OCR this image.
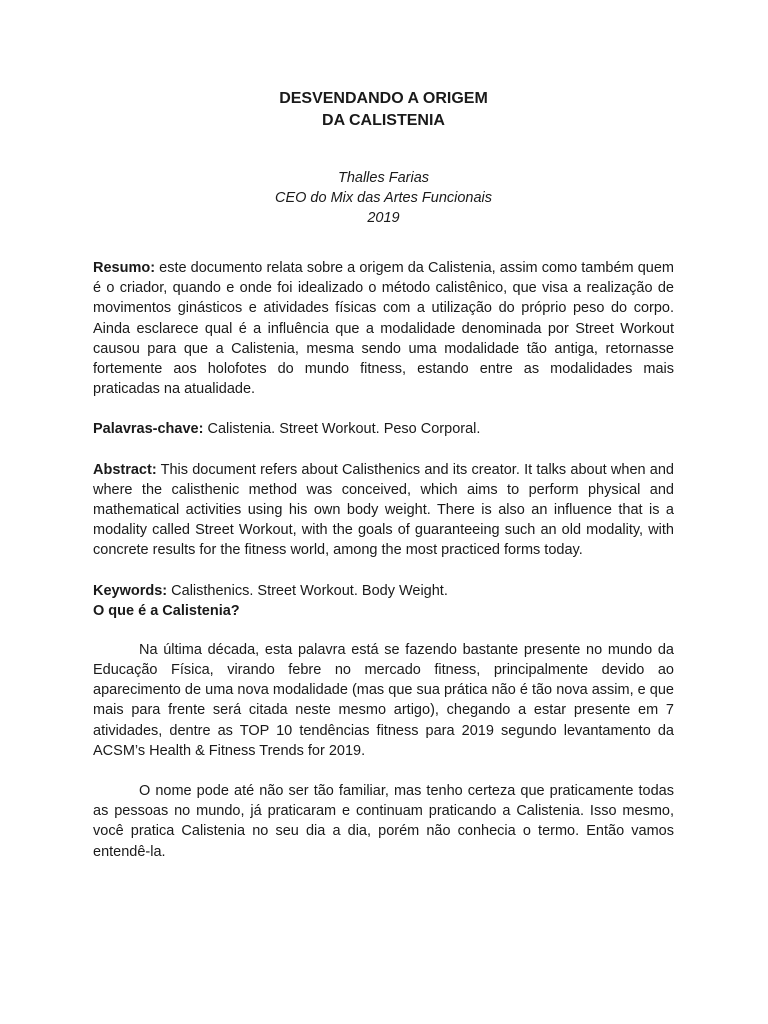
DESVENDANDO A ORIGEM

DA CALISTENIA

Thalles Farias
CEO do Mix das Artes Funcionais
2019

Resumo: este documento relata sobre a origem da Calistenia, assim como também quem é o criador, quando e onde foi idealizado o método calistênico, que visa a realização de movimentos ginásticos e atividades físicas com a utilização do próprio peso do corpo. Ainda esclarece qual é a influência que a modalidade denominada por Street Workout causou para que a Calistenia, mesma sendo uma modalidade tão antiga, retornasse fortemente aos holofotes do mundo fitness, estando entre as modalidades mais praticadas na atualidade.

Palavras-chave: Calistenia. Street Workout. Peso Corporal.

Abstract: This document refers about Calisthenics and its creator. It talks about when and where the calisthenic method was conceived, which aims to perform physical and mathematical activities using his own body weight. There is also an influence that is a modality called Street Workout, with the goals of guaranteeing such an old modality, with concrete results for the fitness world, among the most practiced forms today.

Keywords: Calisthenics. Street Workout. Body Weight.

O que é a Calistenia?

Na última década, esta palavra está se fazendo bastante presente no mundo da Educação Física, virando febre no mercado fitness, principalmente devido ao aparecimento de uma nova modalidade (mas que sua prática não é tão nova assim, e que mais para frente será citada neste mesmo artigo), chegando a estar presente em 7 atividades, dentre as TOP 10 tendências fitness para 2019 segundo levantamento da ACSM’s Health & Fitness Trends for 2019.

O nome pode até não ser tão familiar, mas tenho certeza que praticamente todas as pessoas no mundo, já praticaram e continuam praticando a Calistenia. Isso mesmo, você pratica Calistenia no seu dia a dia, porém não conhecia o termo. Então vamos entendê-la.
